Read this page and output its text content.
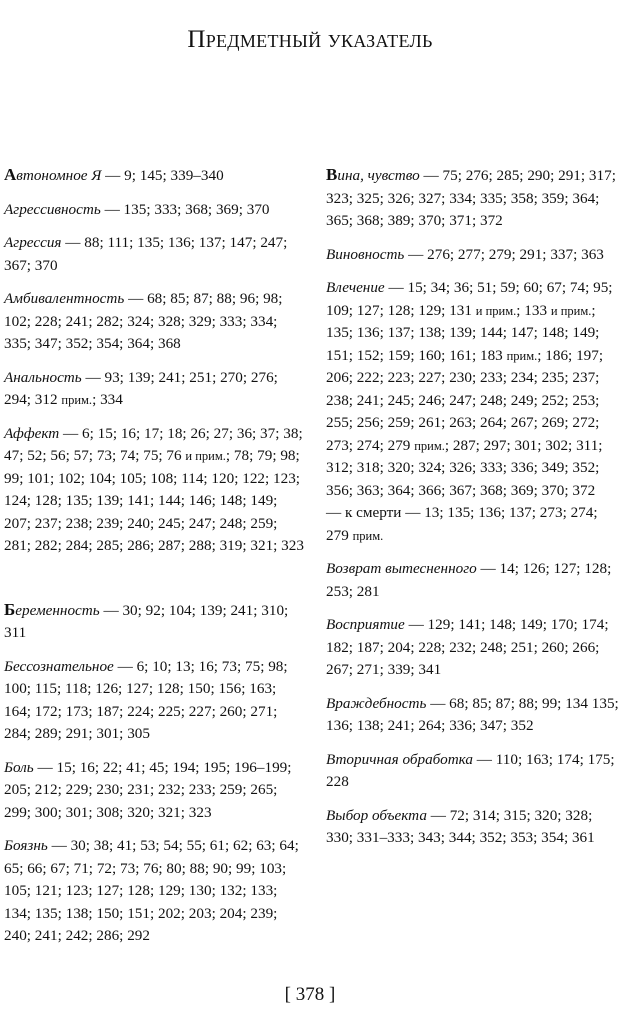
Предметный указатель
Автономное Я — 9; 145; 339–340
Агрессивность — 135; 333; 368; 369; 370
Агрессия — 88; 111; 135; 136; 137; 147; 247; 367; 370
Амбивалентность — 68; 85; 87; 88; 96; 98; 102; 228; 241; 282; 324; 328; 329; 333; 334; 335; 347; 352; 354; 364; 368
Анальность — 93; 139; 241; 251; 270; 276; 294; 312 прим.; 334
Аффект — 6; 15; 16; 17; 18; 26; 27; 36; 37; 38; 47; 52; 56; 57; 73; 74; 75; 76 и прим.; 78; 79; 98; 99; 101; 102; 104; 105; 108; 114; 120; 122; 123; 124; 128; 135; 139; 141; 144; 146; 148; 149; 207; 237; 238; 239; 240; 245; 247; 248; 259; 281; 282; 284; 285; 286; 287; 288; 319; 321; 323
Беременность — 30; 92; 104; 139; 241; 310; 311
Бессознательное — 6; 10; 13; 16; 73; 75; 98; 100; 115; 118; 126; 127; 128; 150; 156; 163; 164; 172; 173; 187; 224; 225; 227; 260; 271; 284; 289; 291; 301; 305
Боль — 15; 16; 22; 41; 45; 194; 195; 196–199; 205; 212; 229; 230; 231; 232; 233; 259; 265; 299; 300; 301; 308; 320; 321; 323
Боязнь — 30; 38; 41; 53; 54; 55; 61; 62; 63; 64; 65; 66; 67; 71; 72; 73; 76; 80; 88; 90; 99; 103; 105; 121; 123; 127; 128; 129; 130; 132; 133; 134; 135; 138; 150; 151; 202; 203; 204; 239; 240; 241; 242; 286; 292
Вина, чувство — 75; 276; 285; 290; 291; 317; 323; 325; 326; 327; 334; 335; 358; 359; 364; 365; 368; 389; 370; 371; 372
Виновность — 276; 277; 279; 291; 337; 363
Влечение — 15; 34; 36; 51; 59; 60; 67; 74; 95; 109; 127; 128; 129; 131 и прим.; 133 и прим.; 135; 136; 137; 138; 139; 144; 147; 148; 149; 151; 152; 159; 160; 161; 183 прим.; 186; 197; 206; 222; 223; 227; 230; 233; 234; 235; 237; 238; 241; 245; 246; 247; 248; 249; 252; 253; 255; 256; 259; 261; 263; 264; 267; 269; 272; 273; 274; 279 прим.; 287; 297; 301; 302; 311; 312; 318; 320; 324; 326; 333; 336; 349; 352; 356; 363; 364; 366; 367; 368; 369; 370; 372
— к смерти — 13; 135; 136; 137; 273; 274; 279 прим.
Возврат вытесненного — 14; 126; 127; 128; 253; 281
Восприятие — 129; 141; 148; 149; 170; 174; 182; 187; 204; 228; 232; 248; 251; 260; 266; 267; 271; 339; 341
Враждебность — 68; 85; 87; 88; 99; 134 135; 136; 138; 241; 264; 336; 347; 352
Вторичная обработка — 110; 163; 174; 175; 228
Выбор объекта — 72; 314; 315; 320; 328; 330; 331–333; 343; 344; 352; 353; 354; 361
[ 378 ]
